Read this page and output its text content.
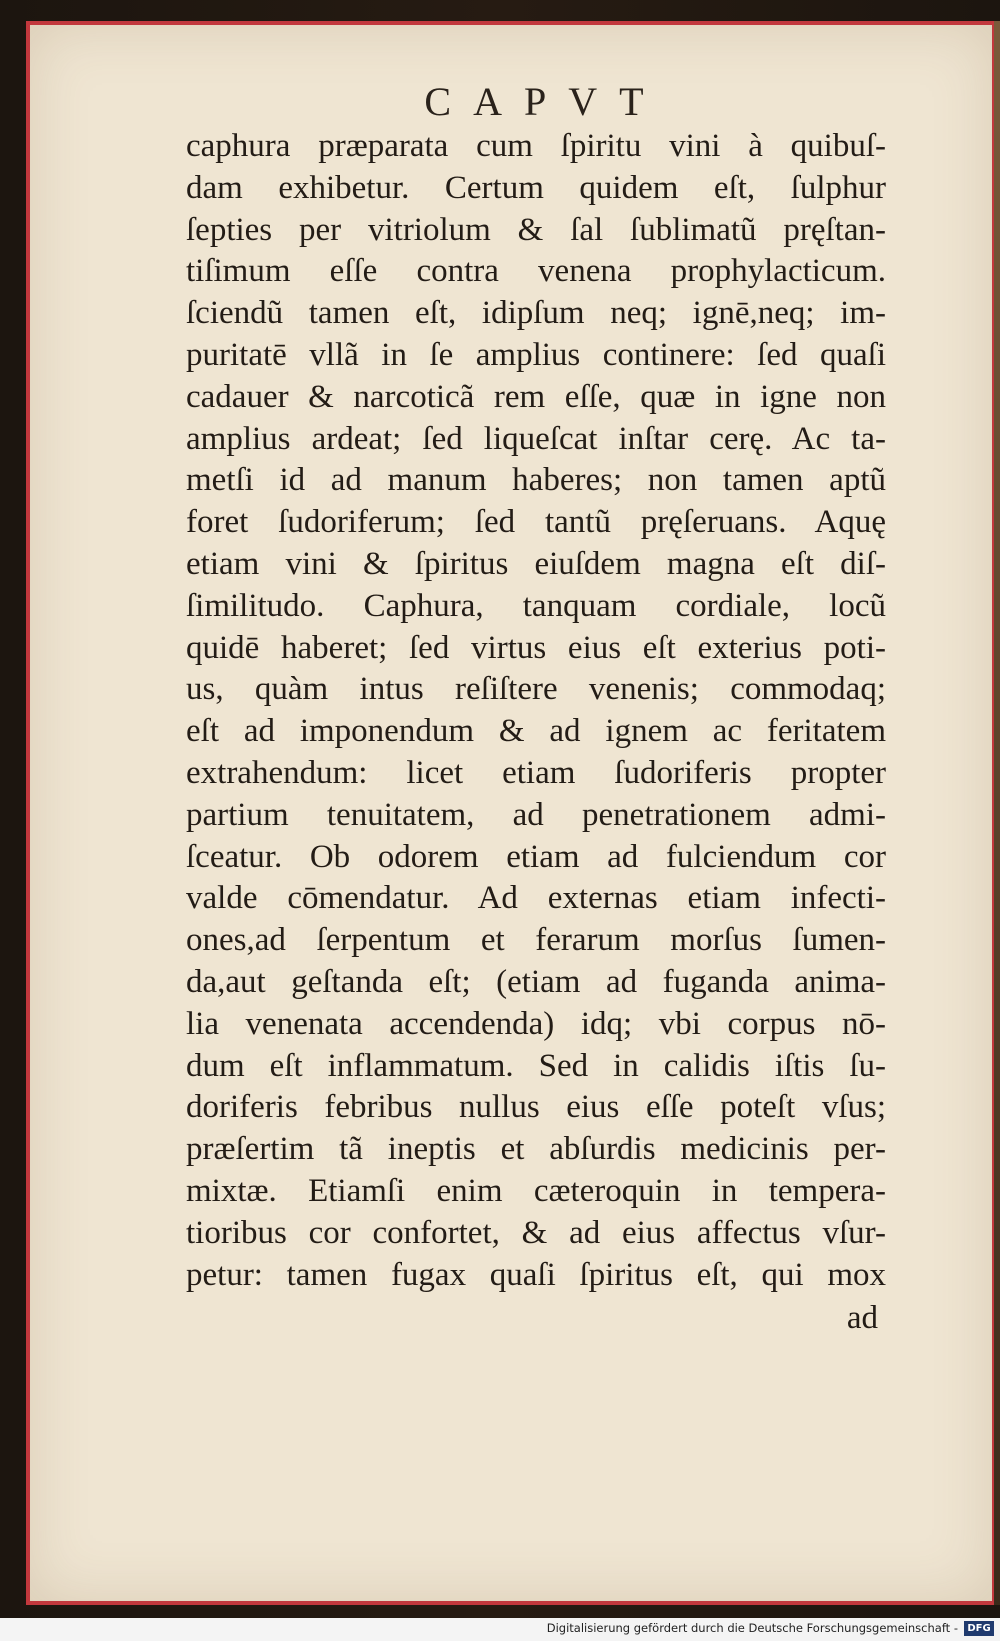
CAPVT
caphura præparata cum ſpiritu vini à quibuſ-
dam exhibetur. Certum quidem eſt, ſulphur
ſepties per vitriolum & ſal ſublimatũ pręſtan-
tiſimum eſſe contra venena prophylacticum.
ſciendũ tamen eſt, idipſum neq; ignē,neq; im-
puritatē vllã in ſe amplius continere: ſed quaſi
cadauer & narcoticã rem eſſe, quæ in igne non
amplius ardeat; ſed liqueſcat inſtar cerę. Ac ta-
metſi id ad manum haberes; non tamen aptũ
foret ſudoriferum; ſed tantũ pręſeruans. Aquę
etiam vini & ſpiritus eiuſdem magna eſt diſ-
ſimilitudo. Caphura, tanquam cordiale, locũ
quidē haberet; ſed virtus eius eſt exterius poti-
us, quàm intus reſiſtere venenis; commodaq;
eſt ad imponendum & ad ignem ac feritatem
extrahendum: licet etiam ſudoriferis propter
partium tenuitatem, ad penetrationem admi-
ſceatur. Ob odorem etiam ad fulciendum cor
valde cōmendatur. Ad externas etiam infecti-
ones,ad ſerpentum et ferarum morſus ſumen-
da,aut geſtanda eſt; (etiam ad fuganda anima-
lia venenata accendenda) idq; vbi corpus nō-
dum eſt inflammatum. Sed in calidis iſtis ſu-
doriferis febribus nullus eius eſſe poteſt vſus;
præſertim tã ineptis et abſurdis medicinis per-
mixtæ. Etiamſi enim cæteroquin in tempera-
tioribus cor confortet, & ad eius affectus vſur-
petur: tamen fugax quaſi ſpiritus eſt, qui mox
ad
Digitalisierung gefördert durch die Deutsche Forschungsgemeinschaft - DFG
